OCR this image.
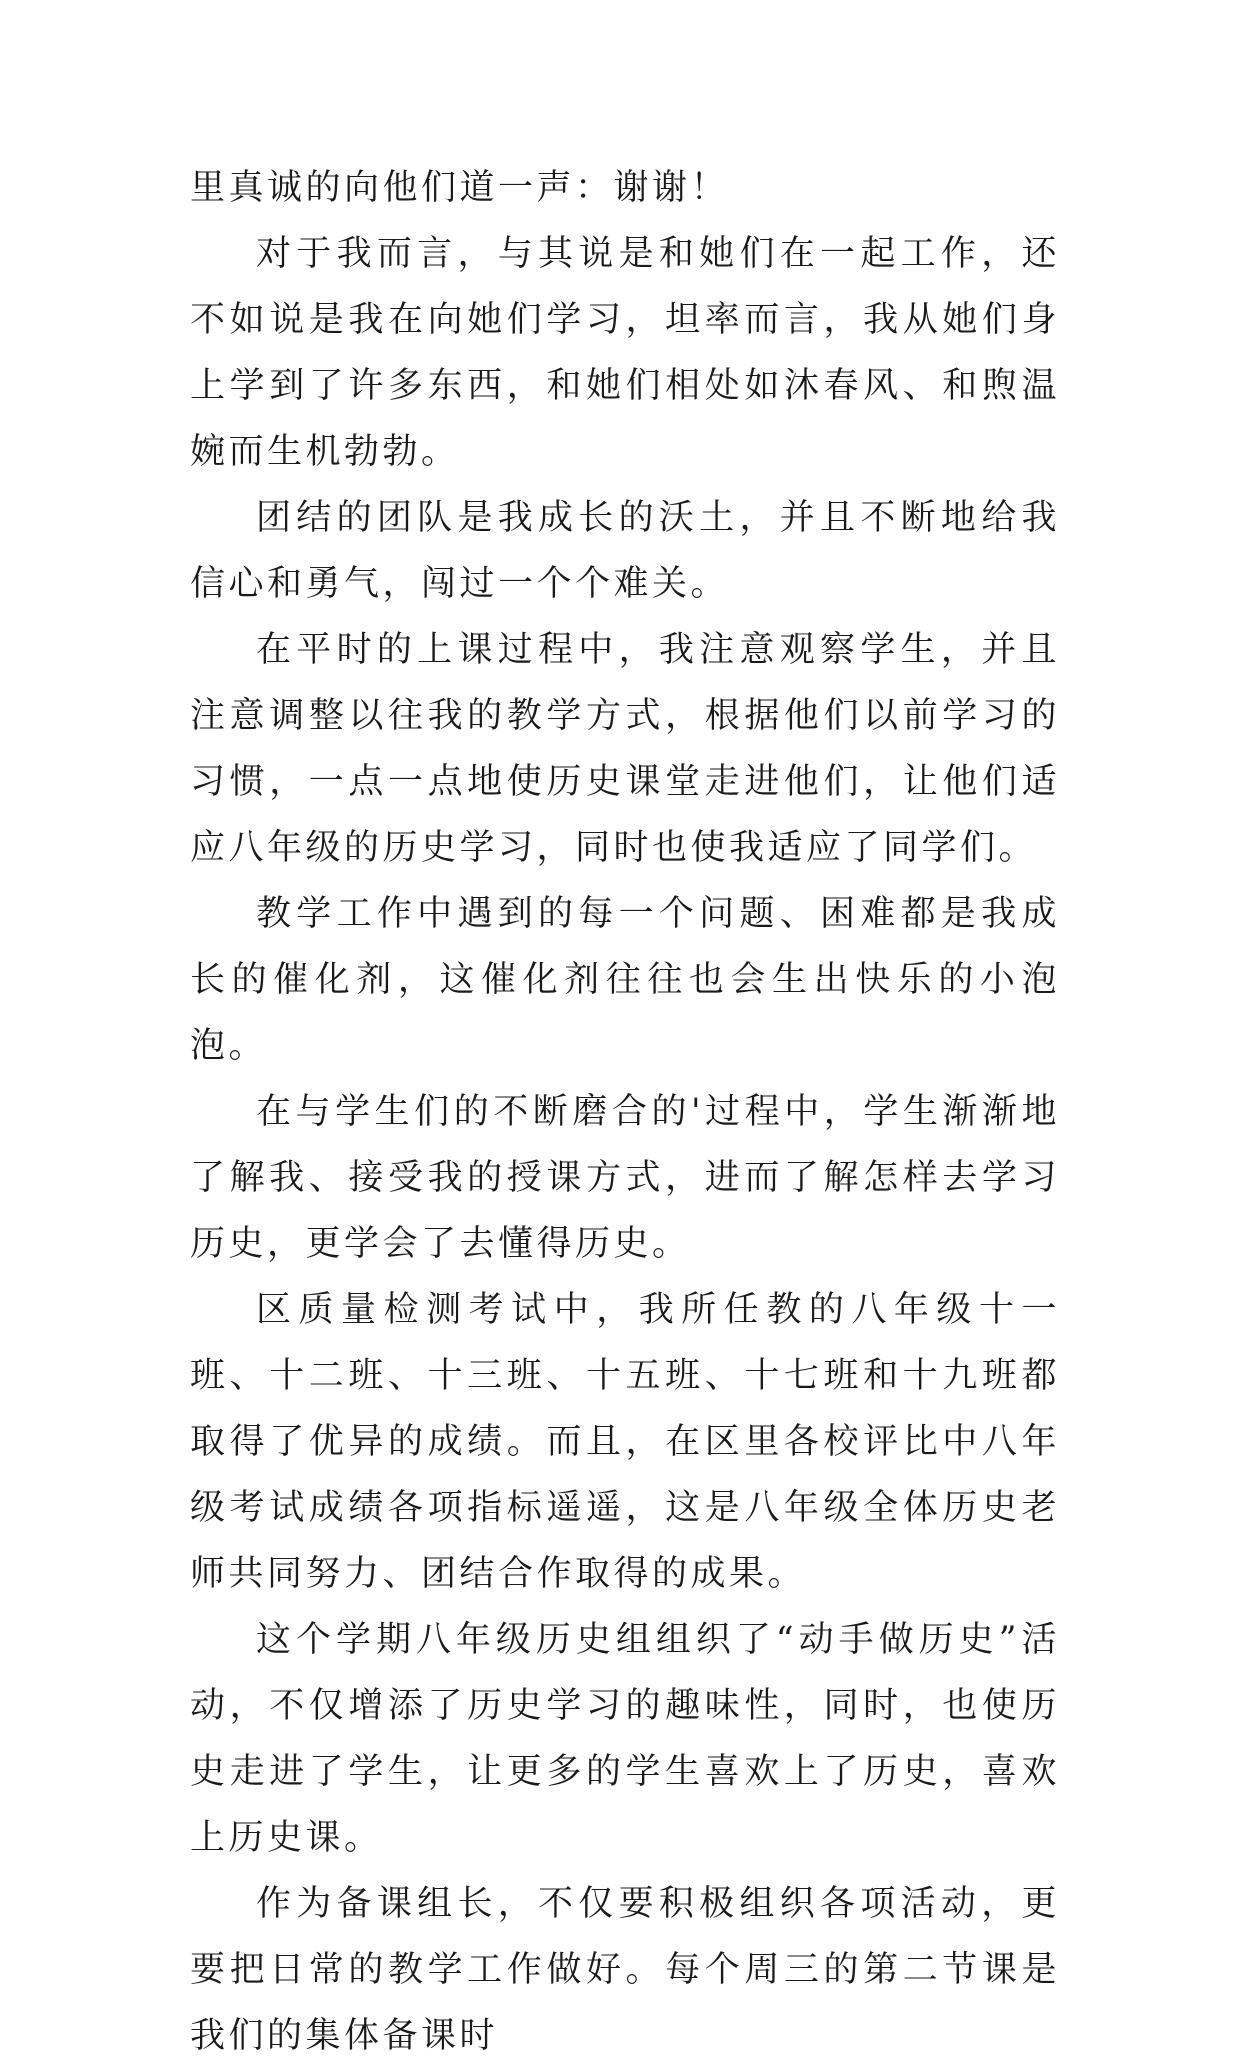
里真诚的向他们道一声：谢谢！

对于我而言，与其说是和她们在一起工作，还不如说是我在向她们学习，坦率而言，我从她们身上学到了许多东西，和她们相处如沐春风、和煦温婉而生机勃勃。

团结的团队是我成长的沃土，并且不断地给我信心和勇气，闯过一个个难关。

在平时的上课过程中，我注意观察学生，并且注意调整以往我的教学方式，根据他们以前学习的习惯，一点一点地使历史课堂走进他们，让他们适应八年级的历史学习，同时也使我适应了同学们。

教学工作中遇到的每一个问题、困难都是我成长的催化剂，这催化剂往往也会生出快乐的小泡泡。

在与学生们的不断磨合的'过程中，学生渐渐地了解我、接受我的授课方式，进而了解怎样去学习历史，更学会了去懂得历史。

区质量检测考试中，我所任教的八年级十一班、十二班、十三班、十五班、十七班和十九班都取得了优异的成绩。而且，在区里各校评比中八年级考试成绩各项指标遥遥，这是八年级全体历史老师共同努力、团结合作取得的成果。

这个学期八年级历史组组织了“动手做历史”活动，不仅增添了历史学习的趣味性，同时，也使历史走进了学生，让更多的学生喜欢上了历史，喜欢上历史课。

作为备课组长，不仅要积极组织各项活动，更要把日常的教学工作做好。每个周三的第二节课是我们的集体备课时
